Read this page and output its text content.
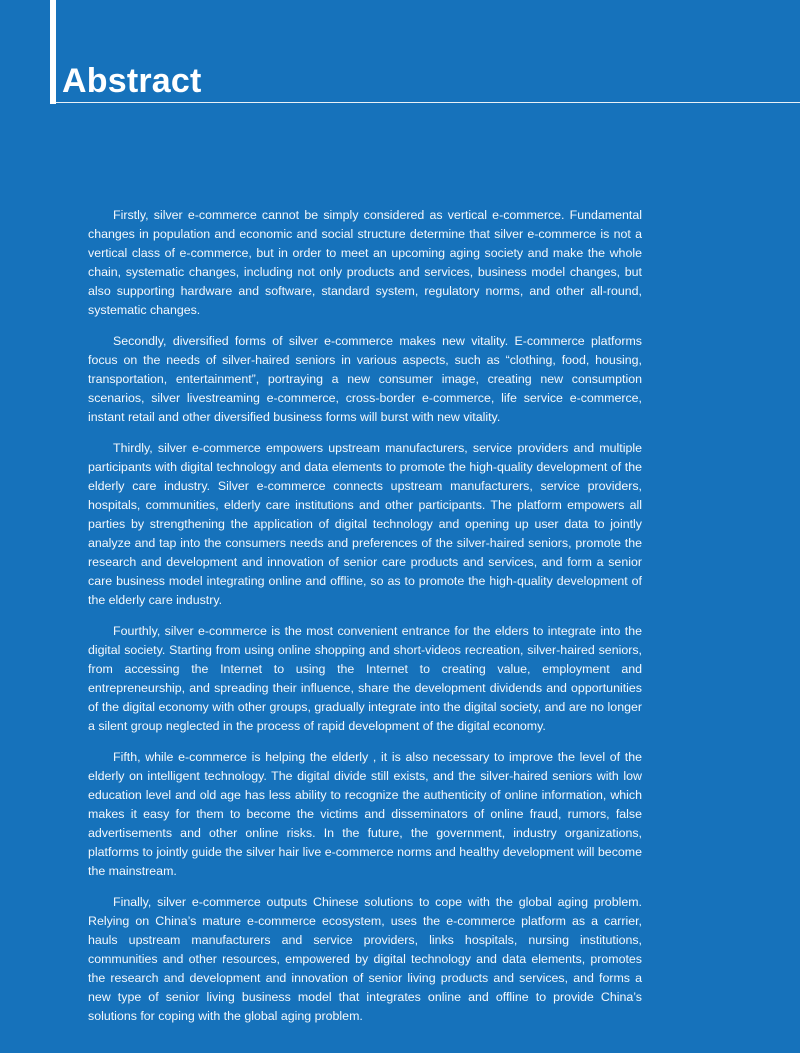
Abstract

Firstly, silver e-commerce cannot be simply considered as vertical e-commerce. Fundamental changes in population and economic and social structure determine that silver e-commerce is not a vertical class of e-commerce, but in order to meet an upcoming aging society and make the whole chain, systematic changes, including not only products and services, business model changes, but also supporting hardware and software, standard system, regulatory norms, and other all-round, systematic changes.

Secondly, diversified forms of silver e-commerce makes new vitality. E-commerce platforms focus on the needs of silver-haired seniors in various aspects, such as “clothing, food, housing, transportation, entertainment”, portraying a new consumer image, creating new consumption scenarios, silver livestreaming e-commerce, cross-border e-commerce, life service e-commerce, instant retail and other diversified business forms will burst with new vitality.

Thirdly, silver e-commerce empowers upstream manufacturers, service providers and multiple participants with digital technology and data elements to promote the high-quality development of the elderly care industry. Silver e-commerce connects upstream manufacturers, service providers, hospitals, communities, elderly care institutions and other participants. The platform empowers all parties by strengthening the application of digital technology and opening up user data to jointly analyze and tap into the consumers needs and preferences of the silver-haired seniors, promote the research and development and innovation of senior care products and services, and form a senior care business model integrating online and offline, so as to promote the high-quality development of the elderly care industry.

Fourthly, silver e-commerce is the most convenient entrance for the elders to integrate into the digital society. Starting from using online shopping and short-videos recreation, silver-haired seniors, from accessing the Internet to using the Internet to creating value, employment and entrepreneurship, and spreading their influence, share the development dividends and opportunities of the digital economy with other groups, gradually integrate into the digital society, and are no longer a silent group neglected in the process of rapid development of the digital economy.

Fifth, while e-commerce is helping the elderly , it is also necessary to improve the level of the elderly on intelligent technology. The digital divide still exists, and the silver-haired seniors with low education level and old age has less ability to recognize the authenticity of online information, which makes it easy for them to become the victims and disseminators of online fraud, rumors, false advertisements and other online risks. In the future, the government, industry organizations, platforms to jointly guide the silver hair live e-commerce norms and healthy development will become the mainstream.

Finally, silver e-commerce outputs Chinese solutions to cope with the global aging problem. Relying on China’s mature e-commerce ecosystem, uses the e-commerce platform as a carrier, hauls upstream manufacturers and service providers, links hospitals, nursing institutions, communities and other resources, empowered by digital technology and data elements, promotes the research and development and innovation of senior living products and services, and forms a new type of senior living business model that integrates online and offline to provide China’s solutions for coping with the global aging problem.
